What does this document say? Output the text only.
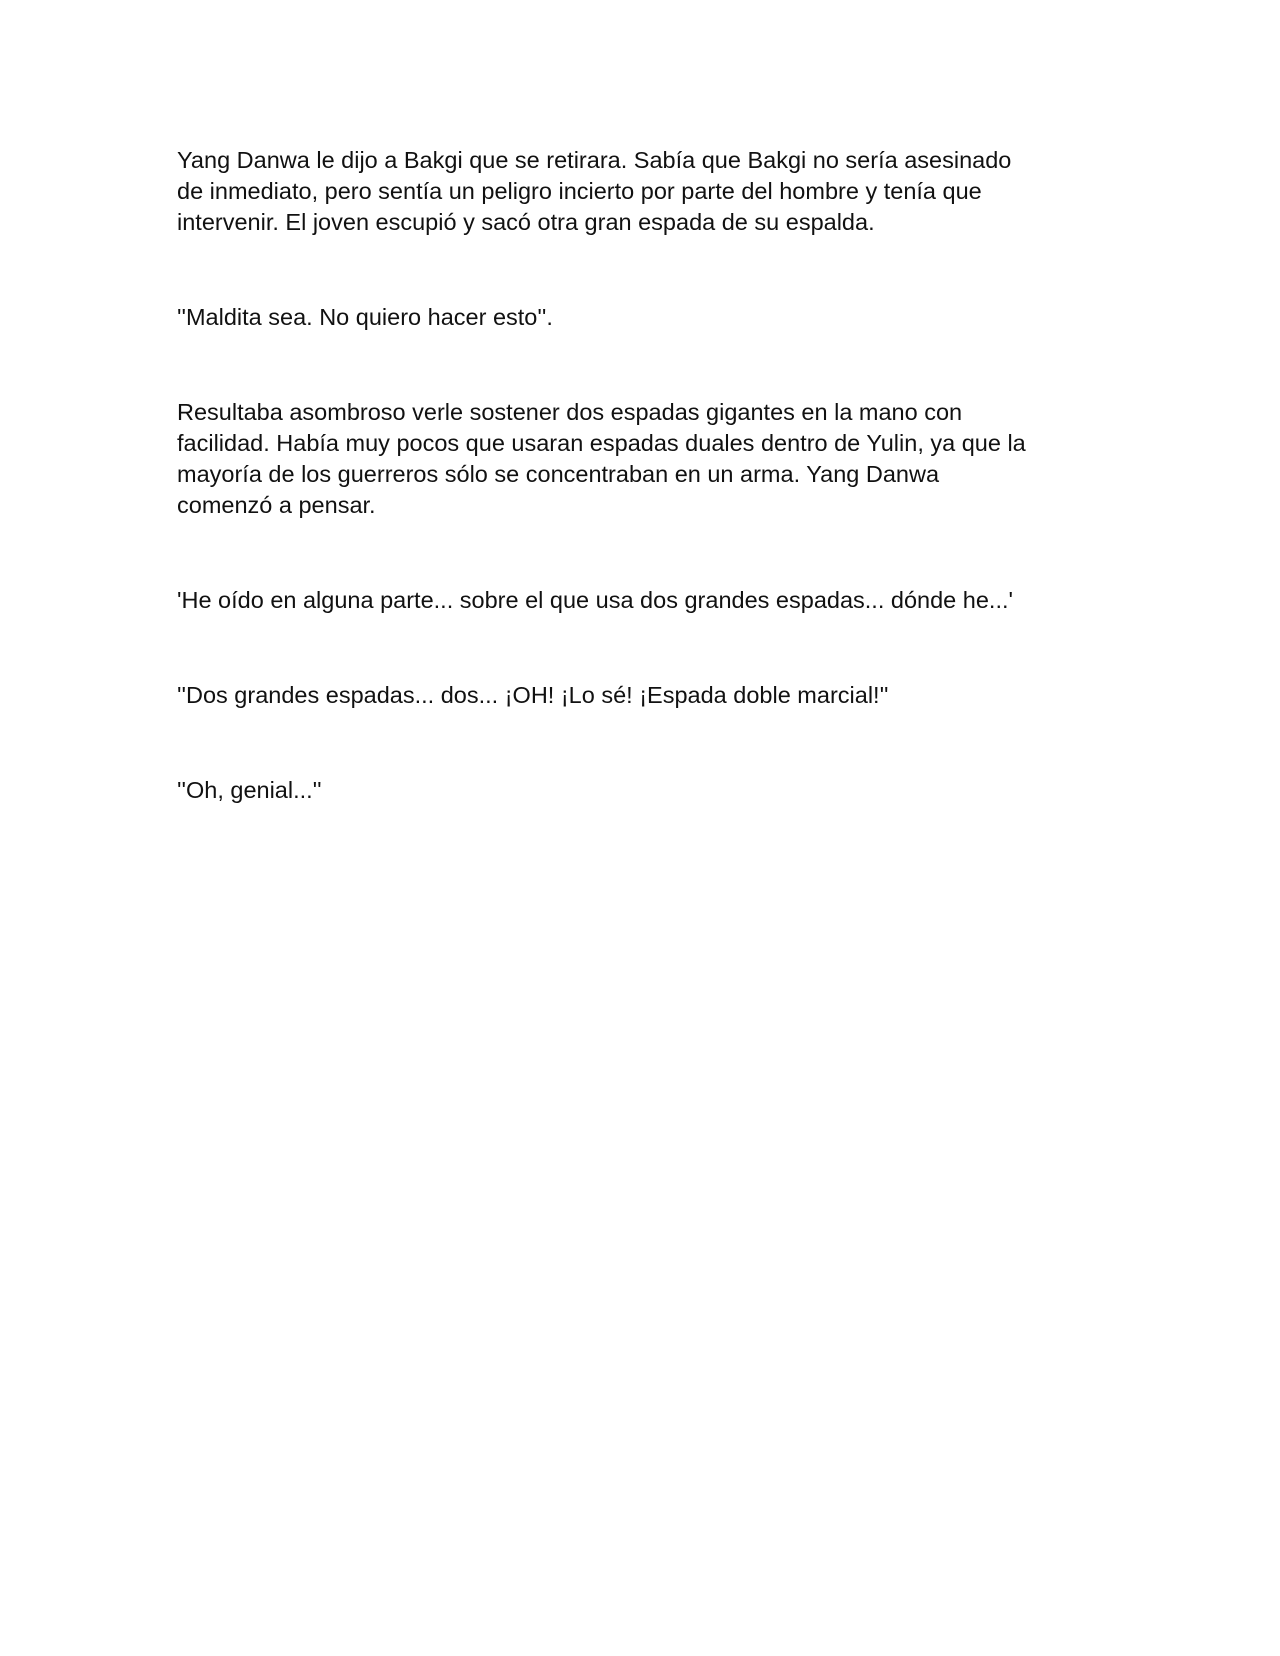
Yang Danwa le dijo a Bakgi que se retirara. Sabía que Bakgi no sería asesinado
de inmediato, pero sentía un peligro incierto por parte del hombre y tenía que
intervenir. El joven escupió y sacó otra gran espada de su espalda.

''Maldita sea. No quiero hacer esto''.

Resultaba asombroso verle sostener dos espadas gigantes en la mano con
facilidad. Había muy pocos que usaran espadas duales dentro de Yulin, ya que la
mayoría de los guerreros sólo se concentraban en un arma. Yang Danwa
comenzó a pensar.

'He oído en alguna parte... sobre el que usa dos grandes espadas... dónde he...'

''Dos grandes espadas... dos... ¡OH! ¡Lo sé! ¡Espada doble marcial!''

''Oh, genial...''
